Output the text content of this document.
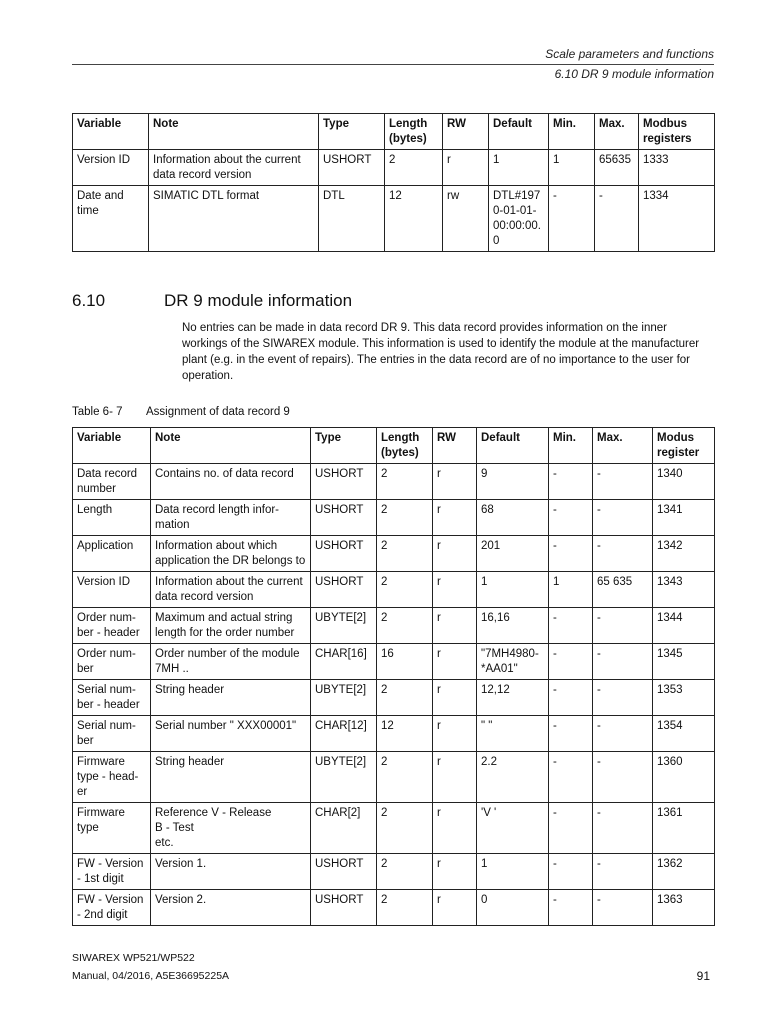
Scale parameters and functions
6.10 DR 9 module information
Variable	Note	Type	Length (bytes)	RW	Default	Min.	Max.	Modbus registers
Version ID	Information about the current data record version	USHORT	2	r	1	1	65635	1333
Date and time	SIMATIC DTL format	DTL	12	rw	DTL#1970-01-01-00:00:00.0	-	-	1334
6.10	DR 9 module information

No entries can be made in data record DR 9. This data record provides information on the inner workings of the SIWAREX module. This information is used to identify the module at the manufacturer plant (e.g. in the event of repairs). The entries in the data record are of no importance to the user for operation.

Table 6- 7 Assignment of data record 9
Variable	Note	Type	Length (bytes)	RW	Default	Min.	Max.	Modus register
Data record number	Contains no. of data record	USHORT	2	r	9	-	-	1340
Length	Data record length infor-mation	USHORT	2	r	68	-	-	1341
Application	Information about which application the DR belongs to	USHORT	2	r	201	-	-	1342
Version ID	Information about the current data record version	USHORT	2	r	1	1	65 635	1343
Order num-ber - header	Maximum and actual string length for the order number	UBYTE[2]	2	r	16,16	-	-	1344
Order num-ber	Order number of the module 7MH ..	CHAR[16]	16	r	"7MH4980-*AA01"	-	-	1345
Serial num-ber - header	String header	UBYTE[2]	2	r	12,12	-	-	1353
Serial num-ber	Serial number " XXX00001"	CHAR[12]	12	r	" "	-	-	1354
Firmware type - head-er	String header	UBYTE[2]	2	r	2.2	-	-	1360
Firmware type	Reference V - Release
B - Test
etc.	CHAR[2]	2	r	'V '	-	-	1361
FW - Version - 1st digit	Version 1.	USHORT	2	r	1	-	-	1362
FW - Version - 2nd digit	Version 2.	USHORT	2	r	0	-	-	1363
SIWAREX WP521/WP522
Manual, 04/2016, A5E36695225A	91
